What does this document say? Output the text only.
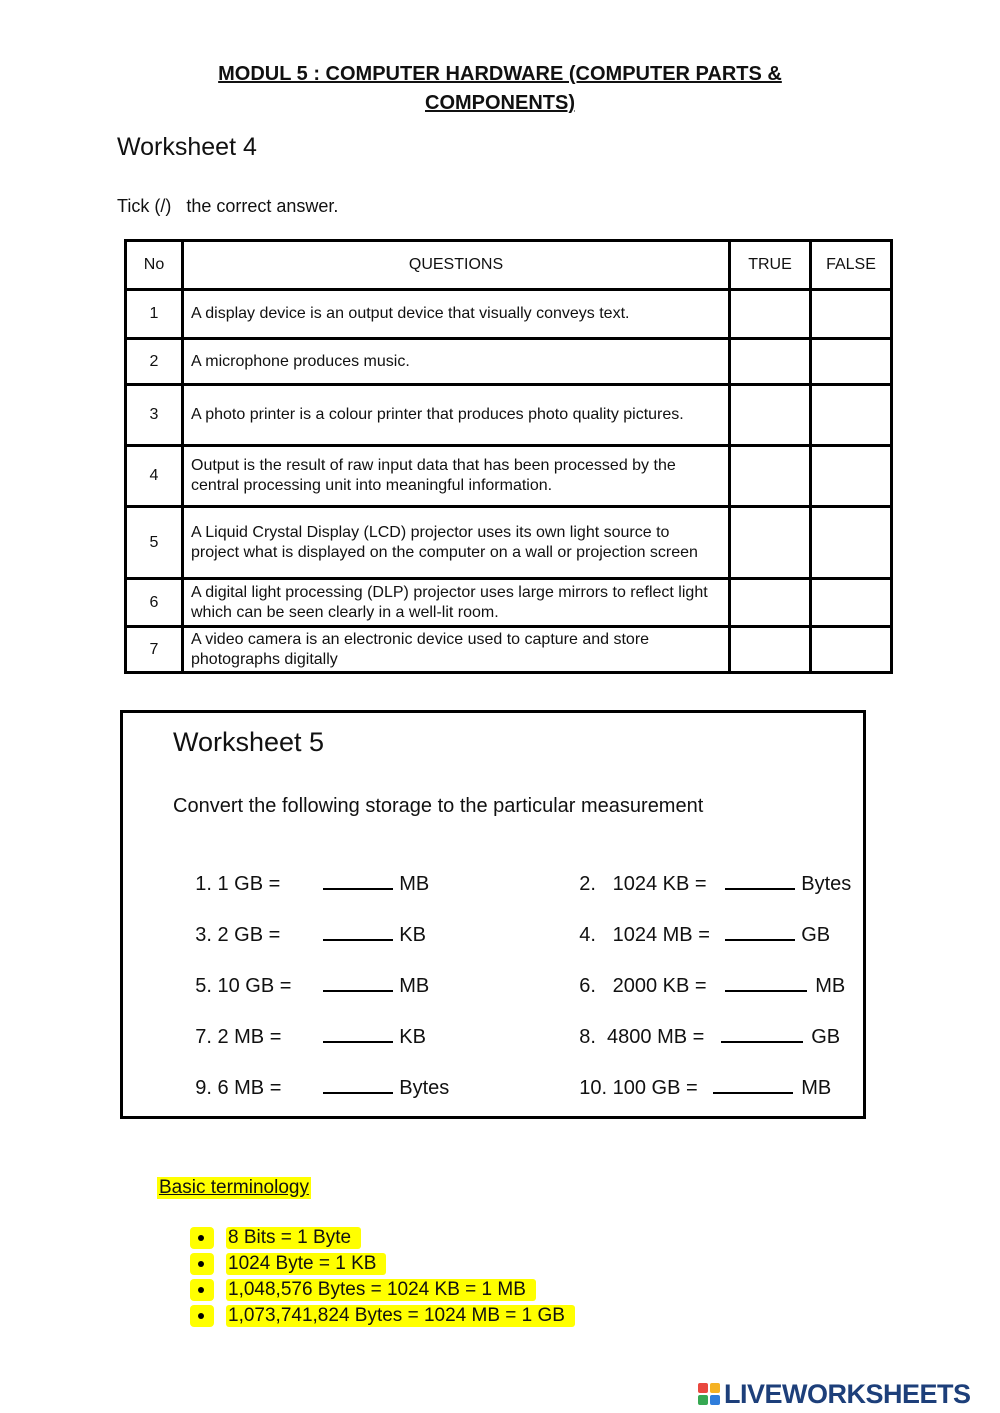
MODUL 5 : COMPUTER HARDWARE (COMPUTER PARTS &
COMPONENTS)
Worksheet 4
Tick (/) the correct answer.
No	QUESTIONS	TRUE	FALSE
1	A display device is an output device that visually conveys text.		
2	A microphone produces music.		
3	A photo printer is a colour printer that produces photo quality pictures.		
4	Output is the result of raw input data that has been processed by the central processing unit into meaningful information.		
5	A Liquid Crystal Display (LCD) projector uses its own light source to project what is displayed on the computer on a wall or projection screen		
6	A digital light processing (DLP) projector uses large mirrors to reflect light which can be seen clearly in a well-lit room.		
7	A video camera is an electronic device used to capture and store photographs digitally		
Worksheet 5
Convert the following storage to the particular measurement

1. 1 GB =	MB
	2.   1024 KB =	Bytes

3. 2 GB =	KB
	4.   1024 MB =	GB

5. 10 GB =	MB
	6.   2000 KB =	MB

7. 2 MB =	KB
	8.  4800 MB =	GB

9. 6 MB =	Bytes
	10. 100 GB =	MB

Basic terminology
8 Bits = 1 Byte
1024 Byte = 1 KB
1,048,576 Bytes = 1024 KB = 1 MB
1,073,741,824 Bytes = 1024 MB = 1 GB
LIVEWORKSHEETS
